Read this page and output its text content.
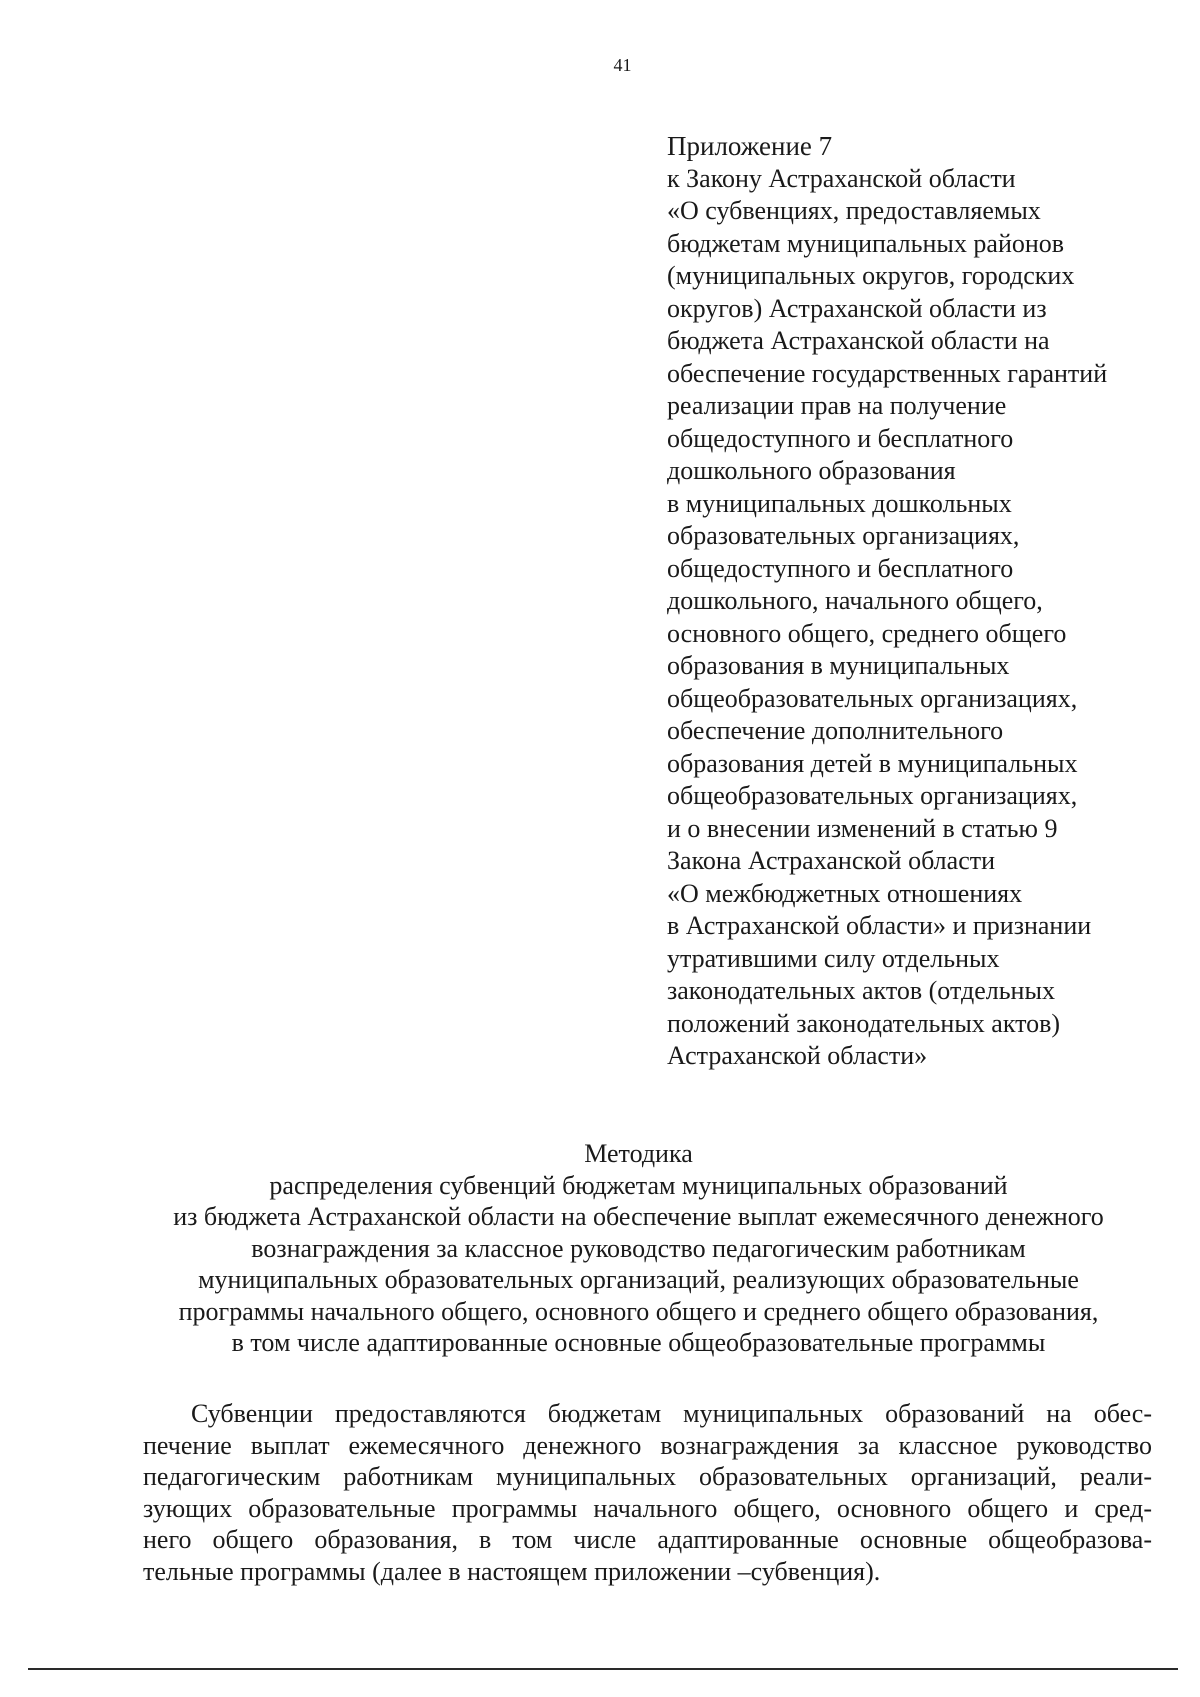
41
Приложение 7
к Закону Астраханской области
«О субвенциях, предоставляемых
бюджетам муниципальных районов
(муниципальных округов, городских
округов) Астраханской области из
бюджета Астраханской области на
обеспечение государственных гарантий
реализации прав на получение
общедоступного и бесплатного
дошкольного образования
в муниципальных дошкольных
образовательных организациях,
общедоступного и бесплатного
дошкольного, начального общего,
основного общего, среднего общего
образования в муниципальных
общеобразовательных организациях,
обеспечение дополнительного
образования детей в муниципальных
общеобразовательных организациях,
и о внесении изменений в статью 9
Закона Астраханской области
«О межбюджетных отношениях
в Астраханской области» и признании
утратившими силу отдельных
законодательных актов (отдельных
положений законодательных актов)
Астраханской области»
Методика
распределения субвенций бюджетам муниципальных образований
из бюджета Астраханской области на обеспечение выплат ежемесячного денежного
вознаграждения за классное руководство педагогическим работникам
муниципальных образовательных организаций, реализующих образовательные
программы начального общего, основного общего и среднего общего образования,
в том числе адаптированные основные общеобразовательные программы
Субвенции предоставляются бюджетам муниципальных образований на обес-
печение выплат ежемесячного денежного вознаграждения за классное руководство
педагогическим работникам муниципальных образовательных организаций, реали-
зующих образовательные программы начального общего, основного общего и сред-
него общего образования, в том числе адаптированные основные общеобразова-
тельные программы (далее в настоящем приложении –субвенция).
